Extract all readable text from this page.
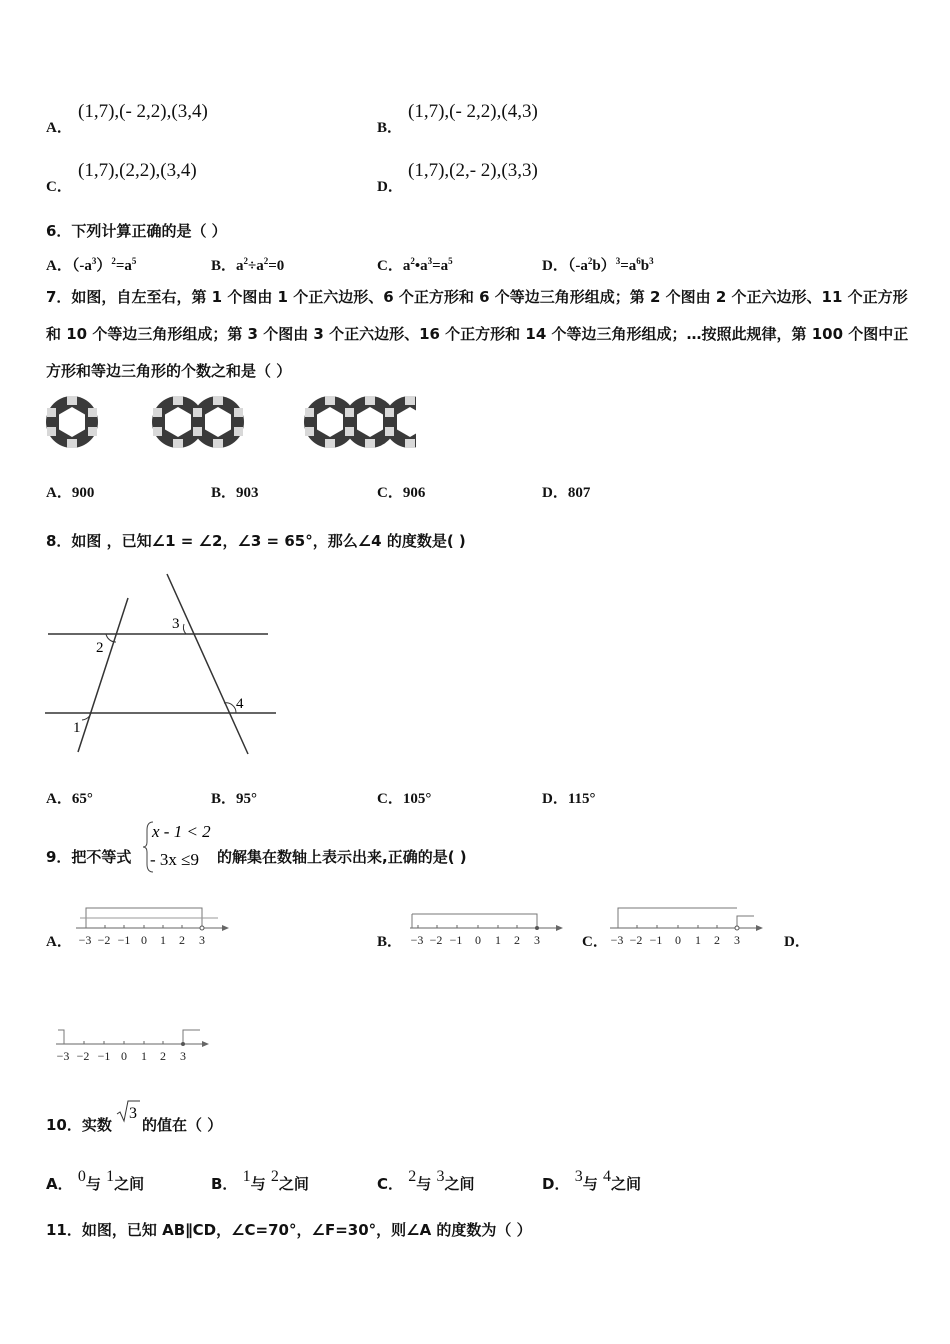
A．
(1,7),(- 2,2),(3,4)
B．
(1,7),(- 2,2),(4,3)
C．
(1,7),(2,2),(3,4)
D．
(1,7),(2,- 2),(3,3)
6．下列计算正确的是（ ）
A．$(-a^3)^2=a^5$	B．$a^2\div a^2=0$	C．$a^2•a^3=a^5$	D．$(-a^2b)^3=a^6b^3$
7．如图，自左至右，第 1 个图由 1 个正六边形、6 个正方形和 6 个等边三角形组成；第 2 个图由 2 个正六边形、11 个正方形和 10 个等边三角形组成；第 3 个图由 3 个正六边形、16 个正方形和 14 个等边三角形组成；…按照此规律，第 100 个图中正方形和等边三角形的个数之和是（ ）
A．900	B．903	C．906	D．807
8．如图 ，已知∠1 = ∠2，∠3 = 65°，那么∠4 的度数是( )
1
2
3
4
A．65°	B．95°	C．105°	D．115°
9．把不等式
x - 1 < 2
- 3x ≤9 的解集在数轴上表示出来,正确的是( )
A．	B．	C．	D．
−3 −2 −1 0 1 2 3	−3 −2 −1 0 1 2 3	−3 −2 −1 0 1 2 3
−3 −2 −1 0 1 2 3
10．实数
3
的值在（ ）
A． 0与 1之间	B． 1与 2之间	C． 2与 3之间	D． 3与 4之间
11．如图，已知 AB∥CD，∠C=70°，∠F=30°，则∠A 的度数为（ ）
